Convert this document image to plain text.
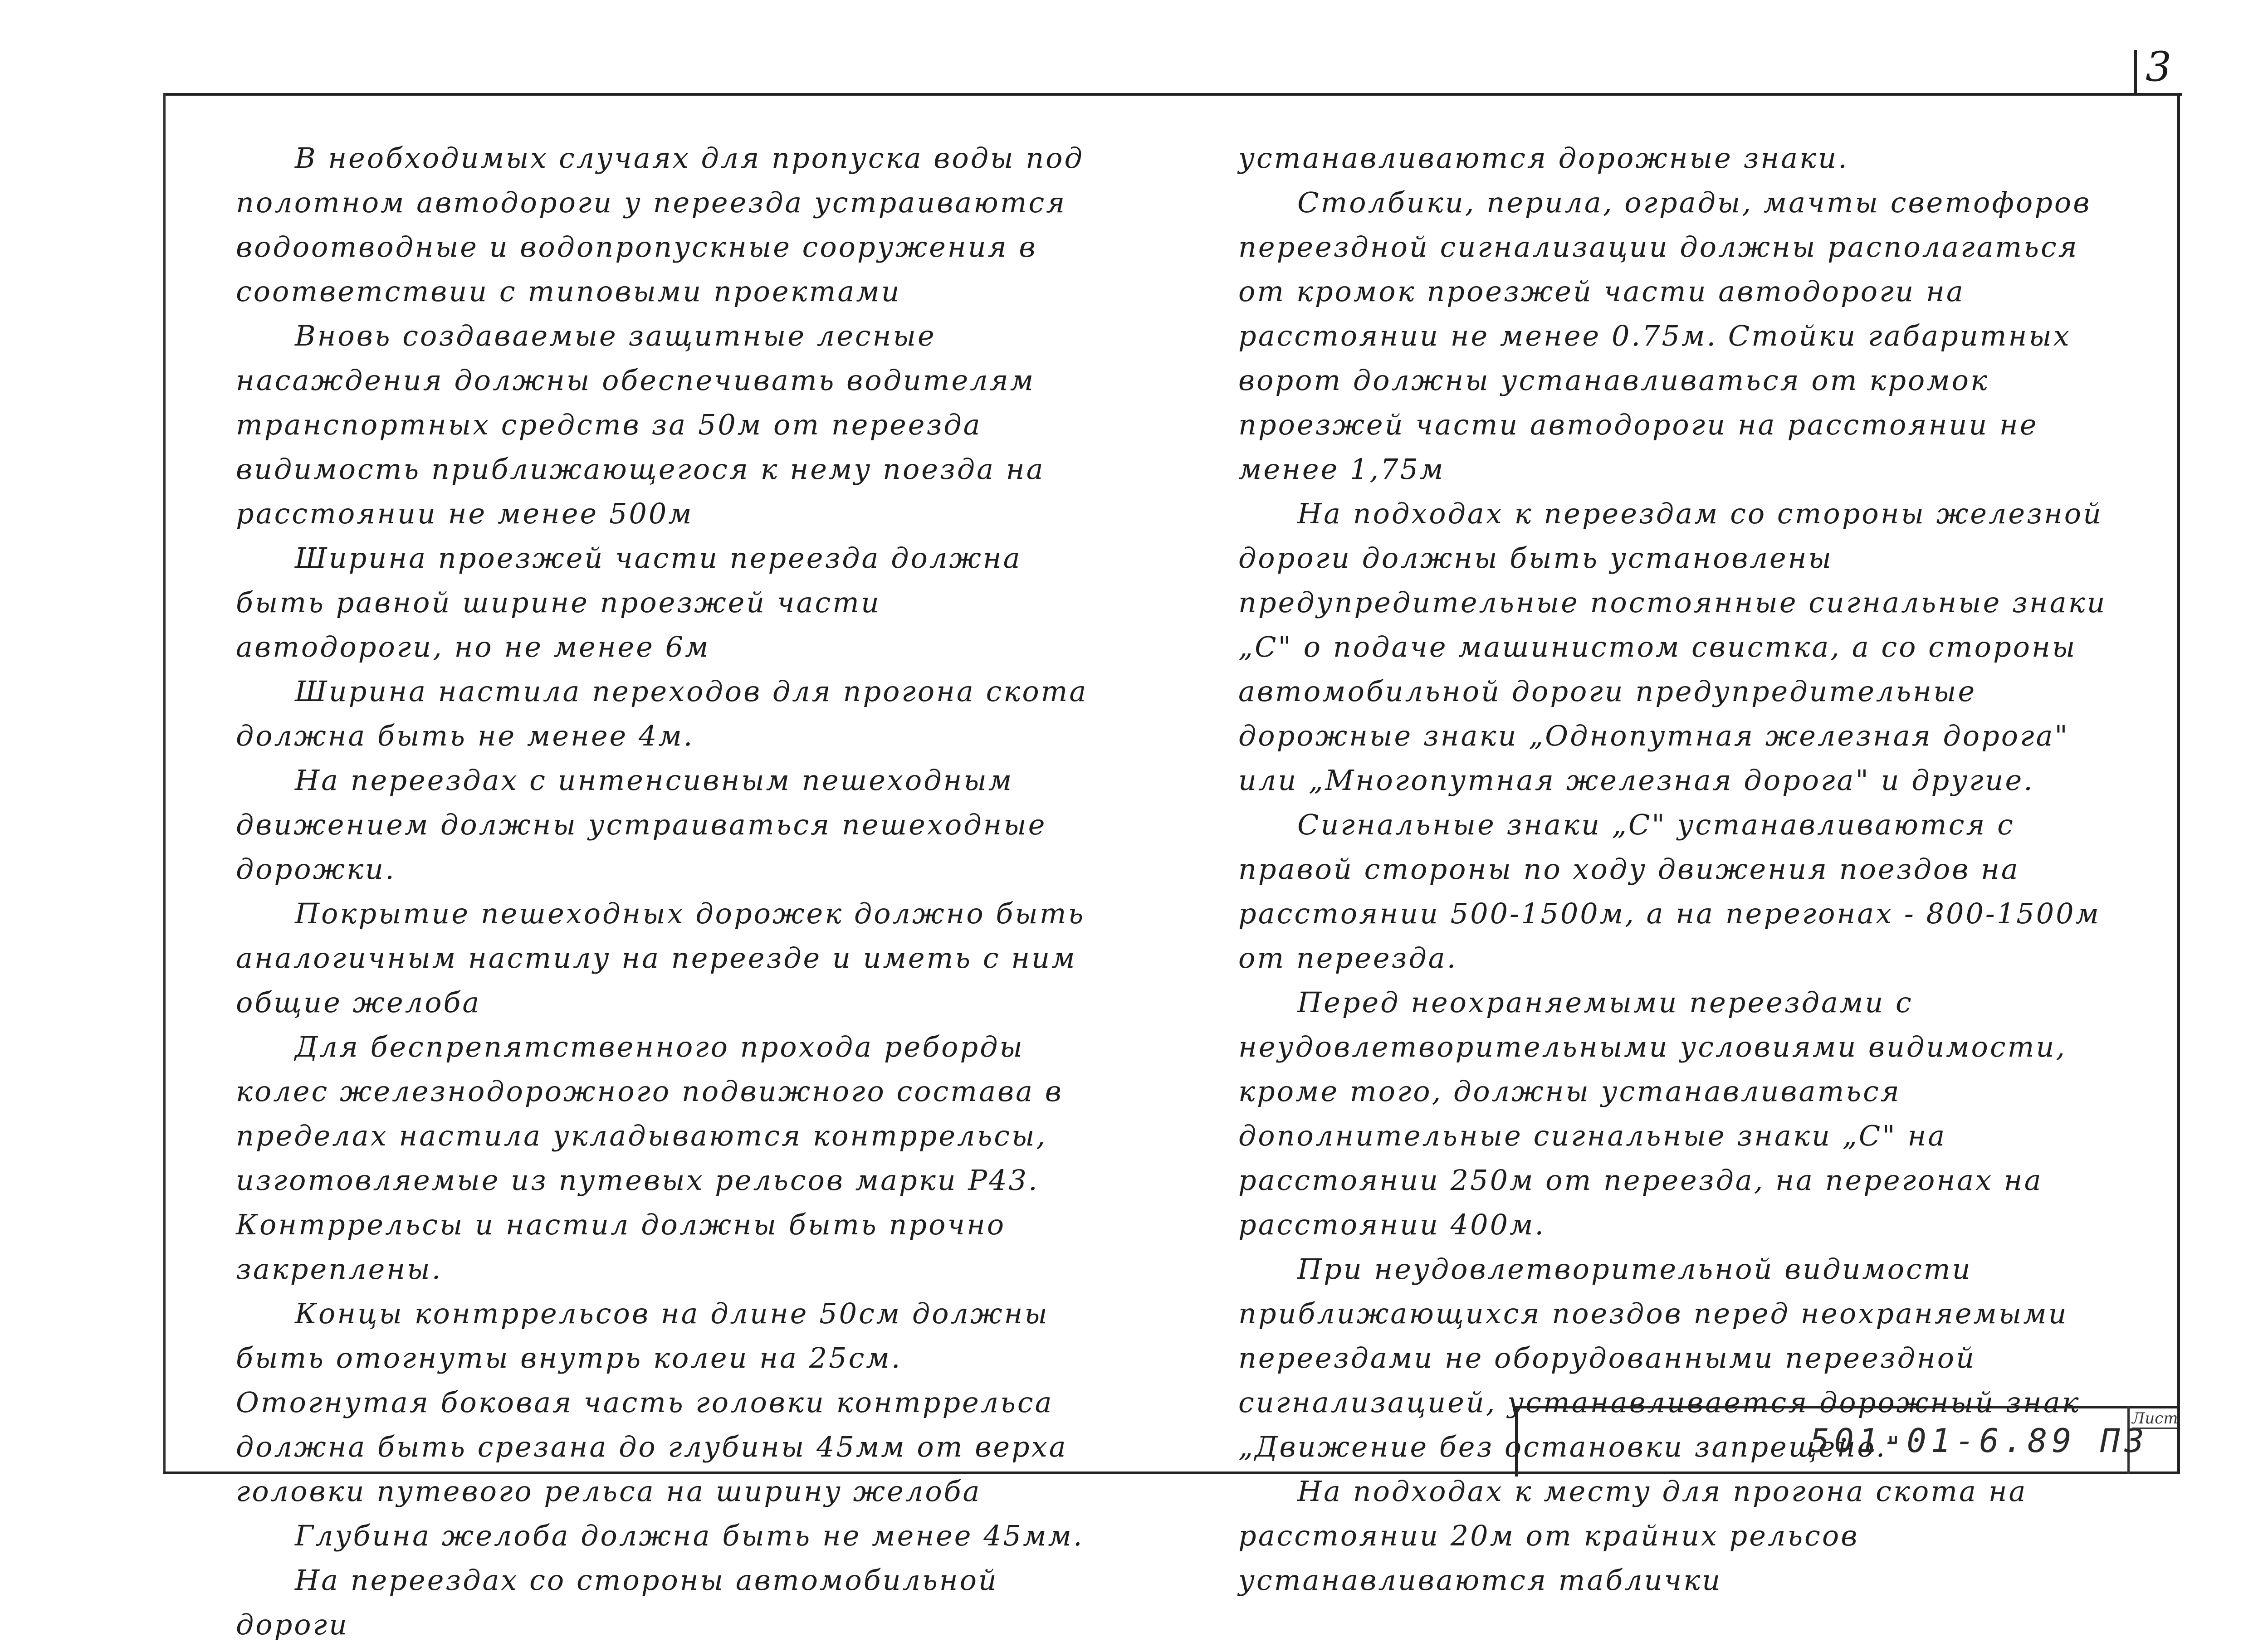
3

В необходимых случаях для пропуска воды под полотном автодороги у переезда устраиваются водоотводные и водопропускные сооружения в соответствии с типовыми проектами

Вновь создаваемые защитные лесные насаждения должны обеспечивать водителям транспортных средств за 50м от переезда видимость приближающегося к нему поезда на расстоянии не менее 500м

Ширина проезжей части переезда должна быть равной ширине проезжей части автодороги, но не менее 6м

Ширина настила переходов для прогона скота должна быть не менее 4м.

На переездах с интенсивным пешеходным движением должны устраиваться пешеходные дорожки.

Покрытие пешеходных дорожек должно быть аналогичным настилу на переезде и иметь с ним общие желоба

Для беспрепятственного прохода реборды колес железнодорожного подвижного состава в пределах настила укладываются контррельсы, изготовляемые из путевых рельсов марки Р43. Контррельсы и настил должны быть прочно закреплены.

Концы контррельсов на длине 50см должны быть отогнуты внутрь колеи на 25см. Отогнутая боковая часть головки контррельса должна быть срезана до глубины 45мм от верха головки путевого рельса на ширину желоба

Глубина желоба должна быть не менее 45мм.

На переездах со стороны автомобильной дороги

устанавливаются дорожные знаки.

Столбики, перила, ограды, мачты светофоров переездной сигнализации должны располагаться от кромок проезжей части автодороги на расстоянии не менее 0.75м. Стойки габаритных ворот должны устанавливаться от кромок проезжей части автодороги на расстоянии не менее 1,75м

На подходах к переездам со стороны железной дороги должны быть установлены предупредительные постоянные сигнальные знаки „С" о подаче машинистом свистка, а со стороны автомобильной дороги предупредительные дорожные знаки „Однопутная железная дорога" или „Многопутная железная дорога" и другие.

Сигнальные знаки „С" устанавливаются с правой стороны по ходу движения поездов на расстоянии 500-1500м, а на перегонах - 800-1500м от переезда.

Перед неохраняемыми переездами с неудовлетворительными условиями видимости, кроме того, должны устанавливаться дополнительные сигнальные знаки „С" на расстоянии 250м от переезда, на перегонах на расстоянии 400м.

При неудовлетворительной видимости приближающихся поездов перед неохраняемыми переездами не оборудованными переездной сигнализацией, устанавливается дорожный знак „Движение без остановки запрещено."

На подходах к месту для прогона скота на расстоянии 20м от крайних рельсов устанавливаются таблички

501-01-6.89 ПЗ
Лист
